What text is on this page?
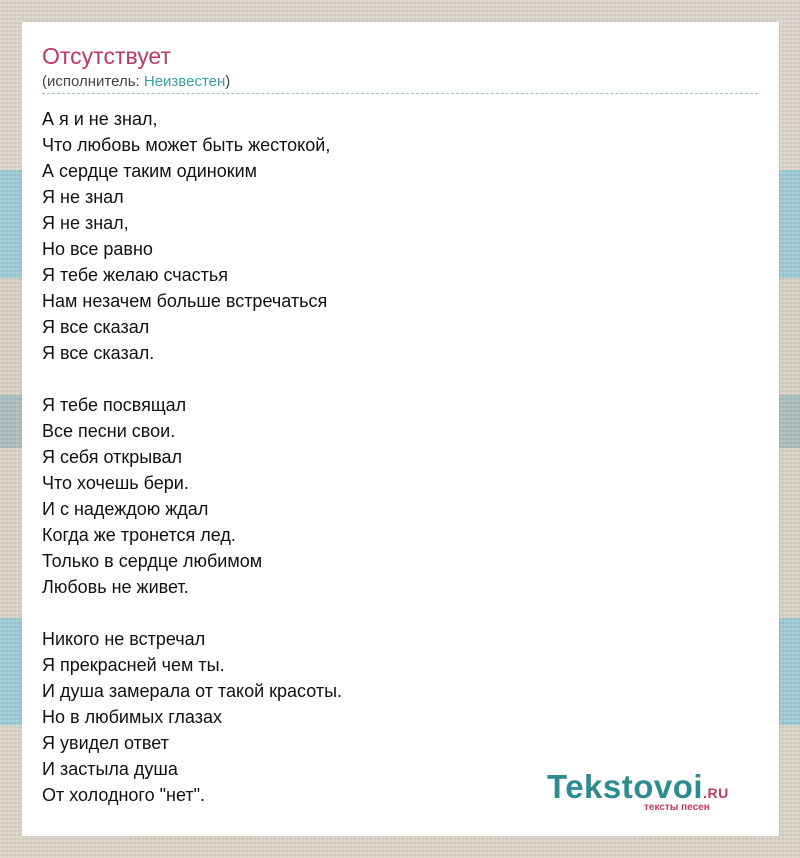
Отсутствует
(исполнитель: Неизвестен)
А я и не знал,
Что любовь может быть жестокой,
А сердце таким одиноким
Я не знал
Я не знал,
Но все равно
Я тебе желаю счастья
Нам незачем больше встречаться
Я все сказал
Я все сказал.

Я тебе посвящал
Все песни свои.
Я себя открывал
Что хочешь бери.
И с надеждою ждал
Когда же тронется лед.
Только в сердце любимом
Любовь не живет.

Никого не встречал
Я прекрасней чем ты.
И душа замерала от такой красоты.
Но в любимых глазах
Я увидел ответ
И застыла душа
От холодного "нет".	Tekstovoi.RU
тексты песен
